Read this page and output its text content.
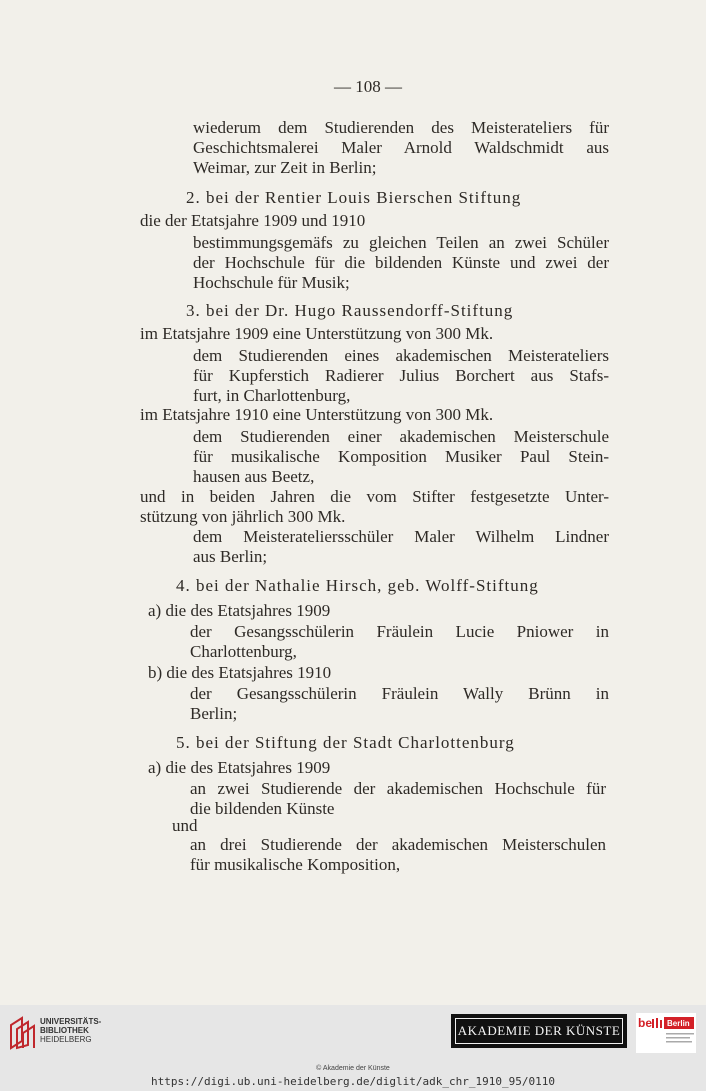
— 108 —
wiederum dem Studierenden des Meisterateliers für
Geschichtsmalerei Maler Arnold Waldschmidt aus
Weimar, zur Zeit in Berlin;
2. bei der Rentier Louis Bierschen Stiftung
die der Etatsjahre 1909 und 1910
bestimmungsgemäfs zu gleichen Teilen an zwei Schüler
der Hochschule für die bildenden Künste und zwei der
Hochschule für Musik;
3. bei der Dr. Hugo Raussendorff-Stiftung
im Etatsjahre 1909 eine Unterstützung von 300 Mk.
dem Studierenden eines akademischen Meisterateliers
für Kupferstich Radierer Julius Borchert aus Stafs-
furt, in Charlottenburg,
im Etatsjahre 1910 eine Unterstützung von 300 Mk.
dem Studierenden einer akademischen Meisterschule
für musikalische Komposition Musiker Paul Stein-
hausen aus Beetz,
und in beiden Jahren die vom Stifter festgesetzte Unter-
stützung von jährlich 300 Mk.
dem Meisterateliersschüler Maler Wilhelm Lindner
aus Berlin;
4. bei der Nathalie Hirsch, geb. Wolff-Stiftung
a) die des Etatsjahres 1909
der Gesangsschülerin Fräulein Lucie Pniower in
Charlottenburg,
b) die des Etatsjahres 1910
der Gesangsschülerin Fräulein Wally Brünn in
Berlin;
5. bei der Stiftung der Stadt Charlottenburg
a) die des Etatsjahres 1909
an zwei Studierende der akademischen Hochschule für
die bildenden Künste
und
an drei Studierende der akademischen Meisterschulen
für musikalische Komposition,
UNIVERSITÄTS-
BIBLIOTHEK
HEIDELBERG
AKADEMIE DER KÜNSTE be Berlin
© Akademie der Künste
https://digi.ub.uni-heidelberg.de/diglit/adk_chr_1910_95/0110
